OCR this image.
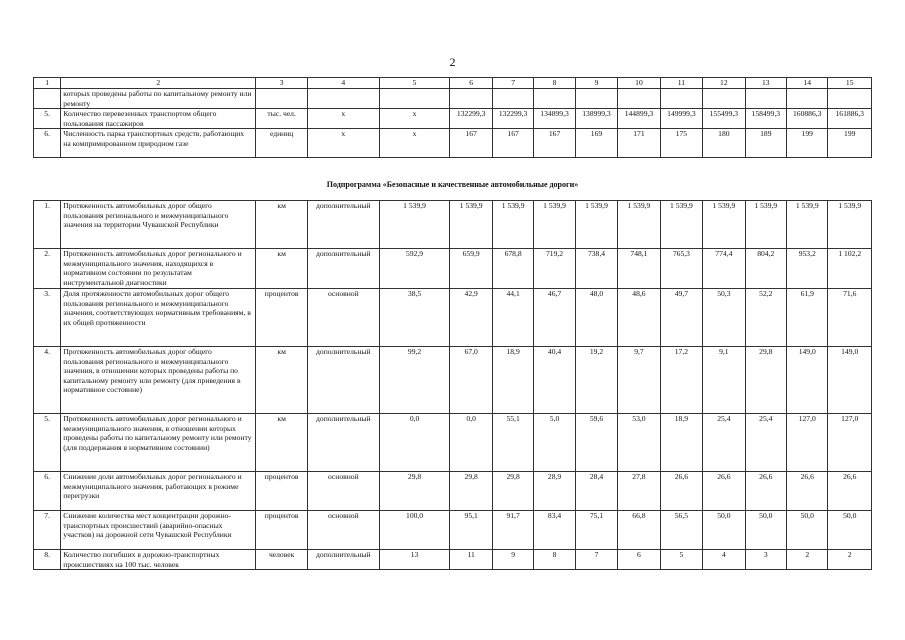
2
1	2	3	4	5	6	7	8	9	10	11	12	13	14	15
	которых проведены работы по капитальному ремонту или ремонту													
5.	Количество перевезенных транспортом общего пользования пассажиров	тыс. чел.	х	х	132299,3	132299,3	134899,3	138999,3	144899,3	149999,3	155499,3	158499,3	160886,3	161886,3
6.	Численность парка транспортных средств, работающих на компримированном природном газе	единиц	х	х	167	167	167	169	171	175	180	189	199	199
Подпрограмма «Безопасные и качественные автомобильные дороги»
1.	Протяженность автомобильных дорог общего пользования регионального и межмуниципального значения на территории Чувашской Республики	км	дополнительный	1 539,9	1 539,9	1 539,9	1 539,9	1 539,9	1 539,9	1 539,9	1 539,9	1 539,9	1 539,9	1 539,9
2.	Протяженность автомобильных дорог регионального и межмуниципального значения, находящихся в нормативном состоянии по результатам инструментальной диагностики	км	дополнительный	592,9	659,9	678,8	719,2	738,4	748,1	765,3	774,4	804,2	953,2	1 102,2
3.	Доля протяженности автомобильных дорог общего пользования регионального и межмуниципального значения, соответствующих нормативным требованиям, в их общей протяженности	процентов	основной	38,5	42,9	44,1	46,7	48,0	48,6	49,7	50,3	52,2	61,9	71,6
4.	Протяженность автомобильных дорог общего пользования регионального и межмуниципального значения, в отношении которых проведены работы по капитальному ремонту или ремонту (для приведения в нормативное состояние)	км	дополнительный	99,2	67,0	18,9	40,4	19,2	9,7	17,2	9,1	29,8	149,0	149,0
5.	Протяженность автомобильных дорог регионального и межмуниципального значения, в отношении которых проведены работы по капитальному ремонту или ремонту (для поддержания в нормативном состоянии)	км	дополнительный	0,0	0,0	55,1	5,0	59,6	53,0	18,9	25,4	25,4	127,0	127,0
6.	Снижение доли автомобильных дорог регионального и межмуниципального значения, работающих в режиме перегрузки	процентов	основной	29,8	29,8	29,8	28,9	28,4	27,8	26,6	26,6	26,6	26,6	26,6
7.	Снижение количества мест концентрации дорожно-транспортных происшествий (аварийно-опасных участков) на дорожной сети Чувашской Республики	процентов	основной	100,0	95,1	91,7	83,4	75,1	66,8	56,5	50,0	50,0	50,0	50,0
8.	Количество погибших в дорожно-транспортных происшествиях на 100 тыс. человек	человек	дополнительный	13	11	9	8	7	6	5	4	3	2	2
